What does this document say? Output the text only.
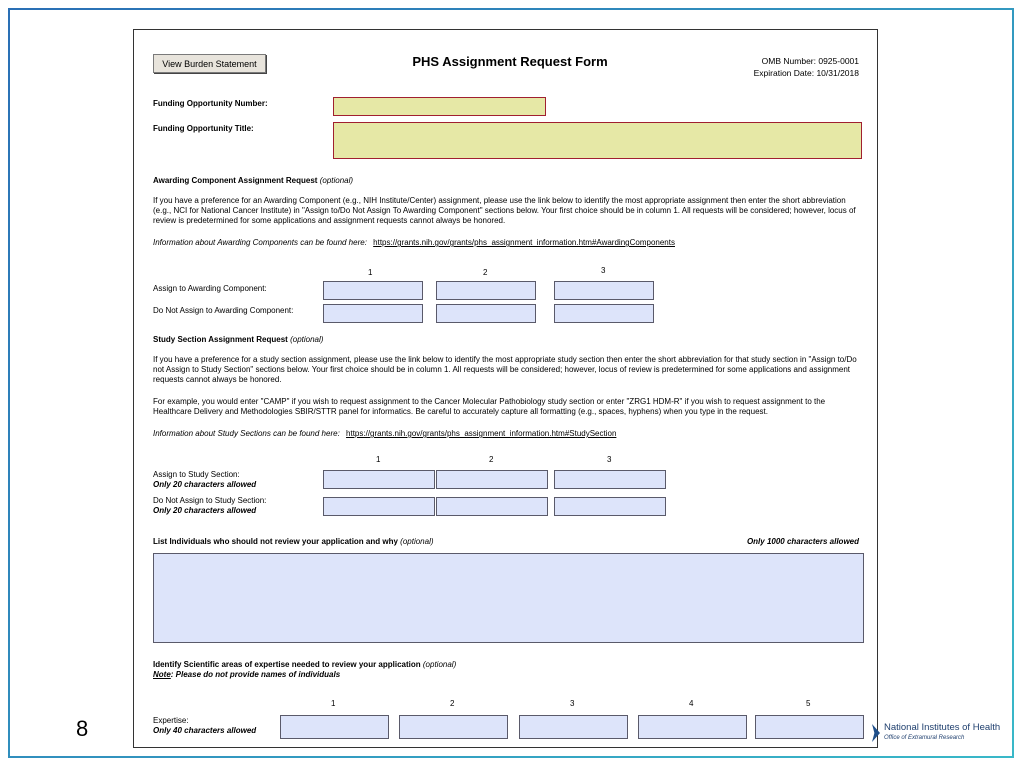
View Burden Statement	PHS Assignment Request Form	OMB Number: 0925-0001
Expiration Date: 10/31/2018
Funding Opportunity Number:
Funding Opportunity Title:
Awarding Component Assignment Request (optional)
If you have a preference for an Awarding Component (e.g., NIH Institute/Center) assignment, please use the link below to identify the most appropriate assignment then enter the short abbreviation (e.g., NCI for National Cancer Institute) in "Assign to/Do Not Assign To Awarding Component" sections below. Your first choice should be in column 1. All requests will be considered; however, locus of review is predetermined for some applications and assignment requests cannot always be honored.
Information about Awarding Components can be found here: https://grants.nih.gov/grants/phs_assignment_information.htm#AwardingComponents
1	2	3
Assign to Awarding Component:
Do Not Assign to Awarding Component:
Study Section Assignment Request (optional)
If you have a preference for a study section assignment, please use the link below to identify the most appropriate study section then enter the short abbreviation for that study section in "Assign to/Do not Assign to Study Section" sections below. Your first choice should be in column 1. All requests will be considered; however, locus of review is predetermined for some applications and assignment requests cannot always be honored.
For example, you would enter "CAMP" if you wish to request assignment to the Cancer Molecular Pathobiology study section or enter "ZRG1 HDM-R" if you wish to request assignment to the Healthcare Delivery and Methodologies SBIR/STTR panel for informatics. Be careful to accurately capture all formatting (e.g., spaces, hyphens) when you type in the request.
Information about Study Sections can be found here: https://grants.nih.gov/grants/phs_assignment_information.htm#StudySection
1	2	3
Assign to Study Section:
Only 20 characters allowed
Do Not Assign to Study Section:
Only 20 characters allowed
List Individuals who should not review your application and why (optional)	Only 1000 characters allowed
Identify Scientific areas of expertise needed to review your application (optional)
Note: Please do not provide names of individuals
1	2	3	4	5
Expertise:
Only 40 characters allowed
8	National Institutes of Health
Office of Extramural Research
